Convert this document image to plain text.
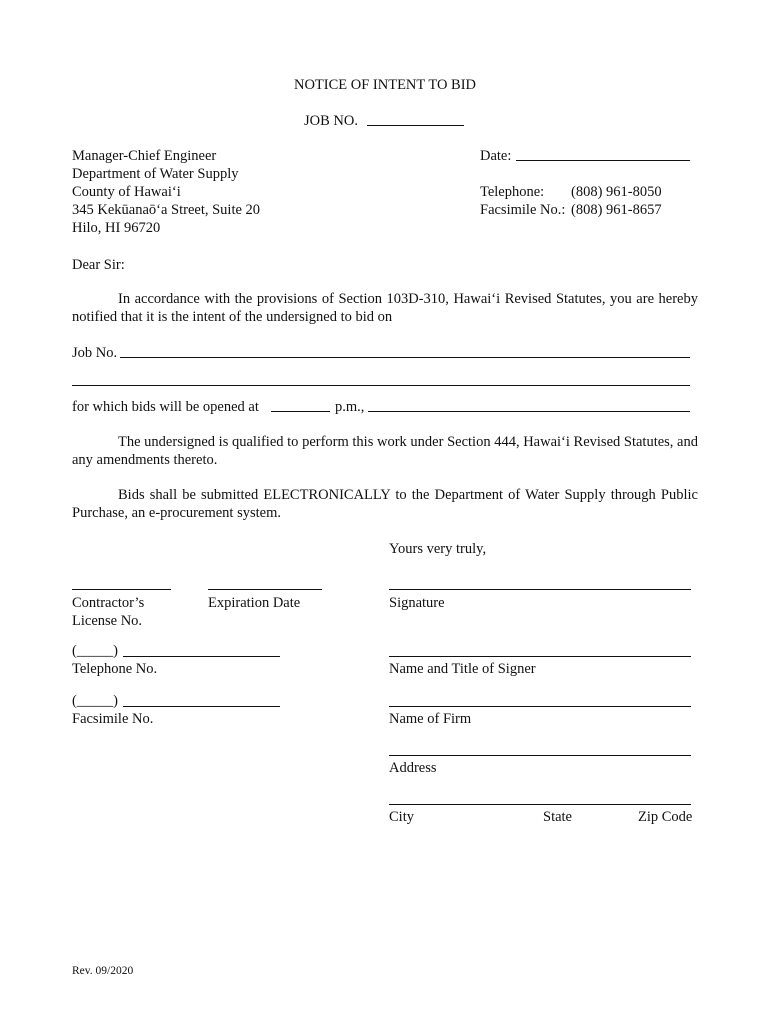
NOTICE OF INTENT TO BID
JOB NO.
Manager-Chief Engineer
Department of Water Supply
County of Hawai‘i
345 Kekūanaō‘a Street, Suite 20
Hilo, HI 96720
Date:
Telephone: (808) 961-8050
Facsimile No.: (808) 961-8657
Dear Sir:
In accordance with the provisions of Section 103D-310, Hawai‘i Revised Statutes, you are hereby notified that it is the intent of the undersigned to bid on
Job No.
for which bids will be opened at	p.m.,
The undersigned is qualified to perform this work under Section 444, Hawai‘i Revised Statutes, and any amendments thereto.
Bids shall be submitted ELECTRONICALLY to the Department of Water Supply through Public Purchase, an e-procurement system.
Yours very truly,
Contractor’s
License No.
Expiration Date
(_____)
Telephone No.
(_____)
Facsimile No.
Signature
Name and Title of Signer
Name of Firm
Address
City	State	Zip Code
Rev. 09/2020
